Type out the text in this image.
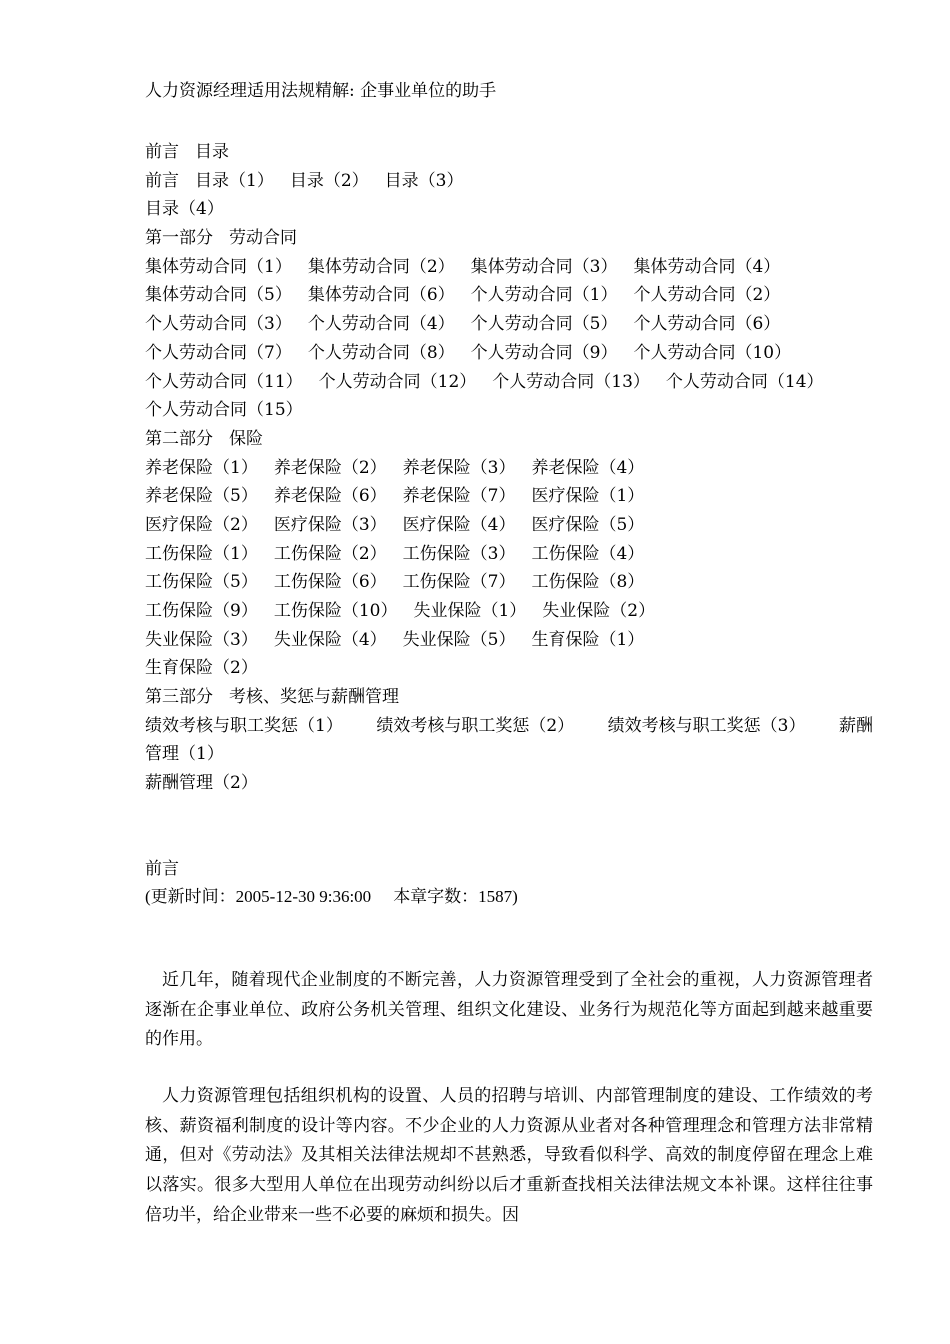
人力资源经理适用法规精解: 企事业单位的助手
前言 目录
前言 目录（1） 目录（2） 目录（3）
目录（4）
第一部分 劳动合同
集体劳动合同（1） 集体劳动合同（2） 集体劳动合同（3） 集体劳动合同（4）
集体劳动合同（5） 集体劳动合同（6） 个人劳动合同（1） 个人劳动合同（2）
个人劳动合同（3） 个人劳动合同（4） 个人劳动合同（5） 个人劳动合同（6）
个人劳动合同（7） 个人劳动合同（8） 个人劳动合同（9） 个人劳动合同（10）
个人劳动合同（11） 个人劳动合同（12） 个人劳动合同（13） 个人劳动合同（14）
个人劳动合同（15）
第二部分 保险
养老保险（1） 养老保险（2） 养老保险（3） 养老保险（4）
养老保险（5） 养老保险（6） 养老保险（7） 医疗保险（1）
医疗保险（2） 医疗保险（3） 医疗保险（4） 医疗保险（5）
工伤保险（1） 工伤保险（2） 工伤保险（3） 工伤保险（4）
工伤保险（5） 工伤保险（6） 工伤保险（7） 工伤保险（8）
工伤保险（9） 工伤保险（10） 失业保险（1） 失业保险（2）
失业保险（3） 失业保险（4） 失业保险（5） 生育保险（1）
生育保险（2）
第三部分 考核、奖惩与薪酬管理
绩效考核与职工奖惩（1） 绩效考核与职工奖惩（2） 绩效考核与职工奖惩（3） 薪酬
管理（1）
薪酬管理（2）
前言
(更新时间：2005-12-30 9:36:00 本章字数：1587)

近几年，随着现代企业制度的不断完善，人力资源管理受到了全社会的重视，人力资源管理者逐渐在企事业单位、政府公务机关管理、组织文化建设、业务行为规范化等方面起到越来越重要的作用。

人力资源管理包括组织机构的设置、人员的招聘与培训、内部管理制度的建设、工作绩效的考核、薪资福利制度的设计等内容。不少企业的人力资源从业者对各种管理理念和管理方法非常精通，但对《劳动法》及其相关法律法规却不甚熟悉，导致看似科学、高效的制度停留在理念上难以落实。很多大型用人单位在出现劳动纠纷以后才重新查找相关法律法规文本补课。这样往往事倍功半，给企业带来一些不必要的麻烦和损失。因
